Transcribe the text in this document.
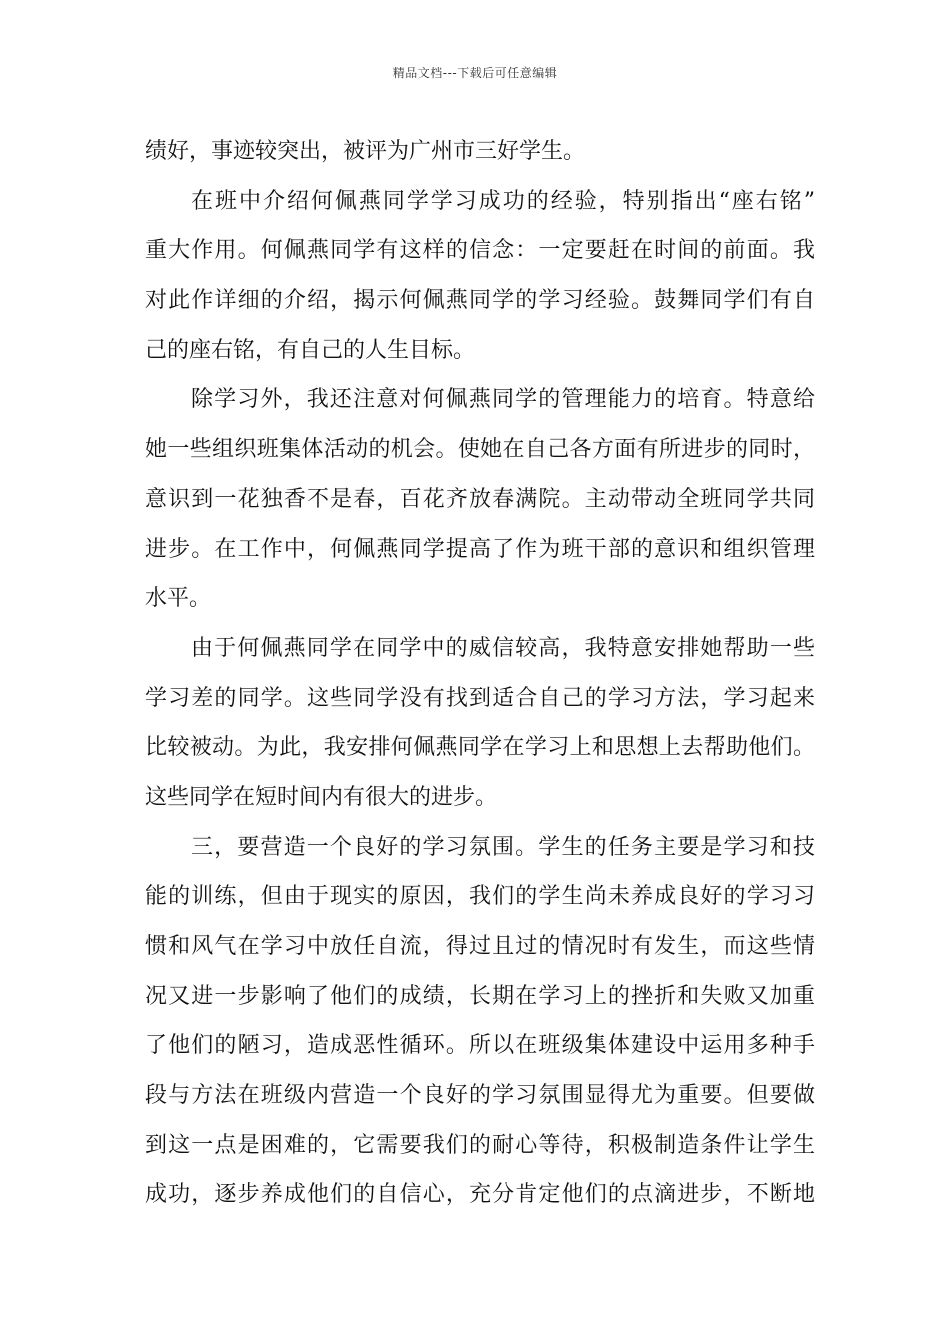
精品文档---下载后可任意编辑
绩好，事迹较突出，被评为广州市三好学生。
在班中介绍何佩燕同学学习成功的经验，特别指出“座右铭”
重大作用。何佩燕同学有这样的信念：一定要赶在时间的前面。我
对此作详细的介绍，揭示何佩燕同学的学习经验。鼓舞同学们有自
己的座右铭，有自己的人生目标。
除学习外，我还注意对何佩燕同学的管理能力的培育。特意给
她一些组织班集体活动的机会。使她在自己各方面有所进步的同时，
意识到一花独香不是春，百花齐放春满院。主动带动全班同学共同
进步。在工作中，何佩燕同学提高了作为班干部的意识和组织管理
水平。
由于何佩燕同学在同学中的威信较高，我特意安排她帮助一些
学习差的同学。这些同学没有找到适合自己的学习方法，学习起来
比较被动。为此，我安排何佩燕同学在学习上和思想上去帮助他们。
这些同学在短时间内有很大的进步。
三，要营造一个良好的学习氛围。学生的任务主要是学习和技
能的训练，但由于现实的原因，我们的学生尚未养成良好的学习习
惯和风气在学习中放任自流，得过且过的情况时有发生，而这些情
况又进一步影响了他们的成绩，长期在学习上的挫折和失败又加重
了他们的陋习，造成恶性循环。所以在班级集体建设中运用多种手
段与方法在班级内营造一个良好的学习氛围显得尤为重要。但要做
到这一点是困难的，它需要我们的耐心等待，积极制造条件让学生
成功，逐步养成他们的自信心，充分肯定他们的点滴进步，不断地
